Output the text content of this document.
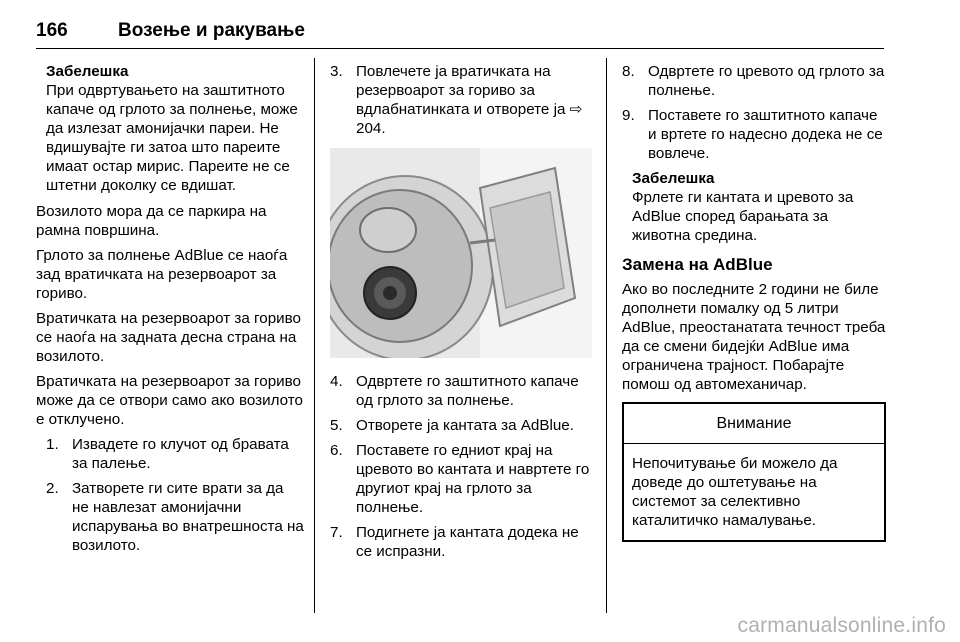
166	Возење и ракување
Забелешка
При одвртувањето на заштитното капаче од грлото за полнење, може да излезат амонијачки пареи. Не вдишувајте ги затоа што пареите имаат остар мирис. Пареите не се штетни доколку се вдишат.

Возилото мора да се паркира на рамна површина.

Грлото за полнење AdBlue се наоѓа зад вратичката на резервоарот за гориво.

Вратичката на резервоарот за гориво се наоѓа на задната десна страна на возилото.

Вратичката на резервоарот за гориво може да се отвори само ако возилото е отклучено.

1. Извадете го клучот од бравата за палење.
2. Затворете ги сите врати за да не навлезат амонијачни испарувања во внатрешноста на возилото.
3. Повлечете ја вратичката на резервоарот за гориво за вдлабнатинката и отворете ја ⇨ 204.
4. Одвртете го заштитното капаче од грлото за полнење.
5. Отворете ја кантата за AdBlue.
6. Поставете го едниот крај на цревото во кантата и навртете го другиот крај на грлото за полнење.
7. Подигнете ја кантата додека не се испразни.
8. Одвртете го цревото од грлото за полнење.
9. Поставете го заштитното капаче и вртете го надесно додека не се вовлече.
Забелешка
Фрлете ги кантата и цревото за AdBlue според барањата за животна средина.
Замена на AdBlue

Ако во последните 2 години не биле дополнети помалку од 5 литри AdBlue, преостанатата течност треба да се смени бидејќи AdBlue има ограничена трајност. Побарајте помош од автомеханичар.

Внимание
Непочитување би можело да доведе до оштетување на системот за селективно каталитичко намалување.
carmanualsonline.info
